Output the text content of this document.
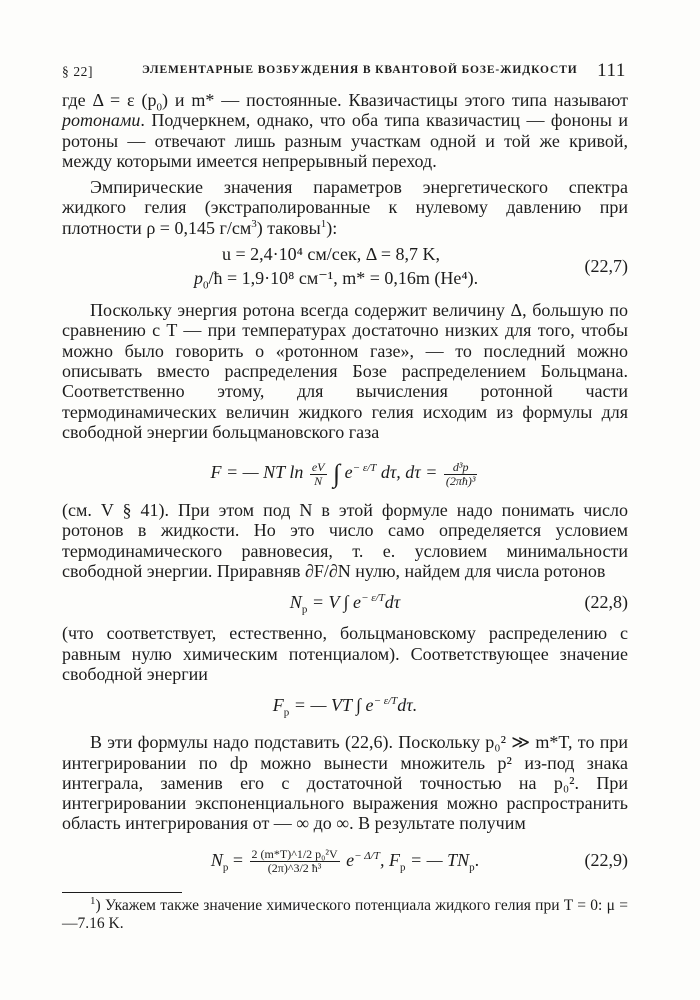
§ 22]	ЭЛЕМЕНТАРНЫЕ ВОЗБУЖДЕНИЯ В КВАНТОВОЙ БОЗЕ-ЖИДКОСТИ 111

где Δ = ε $(p_0)$ и m* — постоянные. Квазичастицы этого типа называют ротонами. Подчеркнем, однако, что оба типа квазичастиц — фононы и ротоны — отвечают лишь разным участкам одной и той же кривой, между которыми имеется непрерывный переход.

Эмпирические значения параметров энергетического спектра жидкого гелия (экстраполированные к нулевому давлению при плотности ρ = 0,145 $г/см^3$) таковы$^1$):

u = 2,4·10⁴ см/сек, Δ = 8,7 K,
$p_0/ħ = 1,9\cdot 10^8$ см⁻¹, m* = 0,16m (He⁴).
(22,7)

Поскольку энергия ротона всегда содержит величину Δ, большую по сравнению с T — при температурах достаточно низких для того, чтобы можно было говорить о «ротонном газе», — то последний можно описывать вместо распределения Бозе распределением Больцмана. Соответственно этому, для вычисления ротонной части термодинамических величин жидкого гелия исходим из формулы для свободной энергии больцмановского газа

F = — NT $\ln \frac{eV}{N}$ ∫ $e^{- \varepsilon/T}$ dτ, $d\tau = \frac{\text{d³p}}{\text{(2πħ)³}}$

(см. V § 41). При этом под N в этой формуле надо понимать число ротонов в жидкости. Но это число само определяется условием термодинамического равновесия, т. е. условием минимальности свободной энергии. Приравняв ∂F/∂N нулю, найдем для числа ротонов

$N_р = V$ ∫ $e^{- \varepsilon/T}d\tau$	(22,8)

(что соответствует, естественно, больцмановскому распределению с равным нулю химическим потенциалом). Соответствующее значение свободной энергии

$F_р$ = — VT ∫ $e^{- \varepsilon/T}d\tau$.

В эти формулы надо подставить (22,6). Поскольку p₀² ≫ m*T, то при интегрировании по dp можно вынести множитель p² из-под знака интеграла, заменив его с достаточной точностью на p₀². При интегрировании экспоненциального выражения можно распространить область интегрирования от — ∞ до ∞. В результате получим

$N_р = \frac{\text{2 (m*T)\textasciicircum{}1/2 p₀²V}}{\text{(2π)\textasciicircum{}3/2 ħ³}} e^{- \Delta/T}$, $F_р$ = — $TN_р$.	(22,9)

$^1$) Укажем также значение химического потенциала жидкого гелия при T = 0: μ = —7.16 K.
